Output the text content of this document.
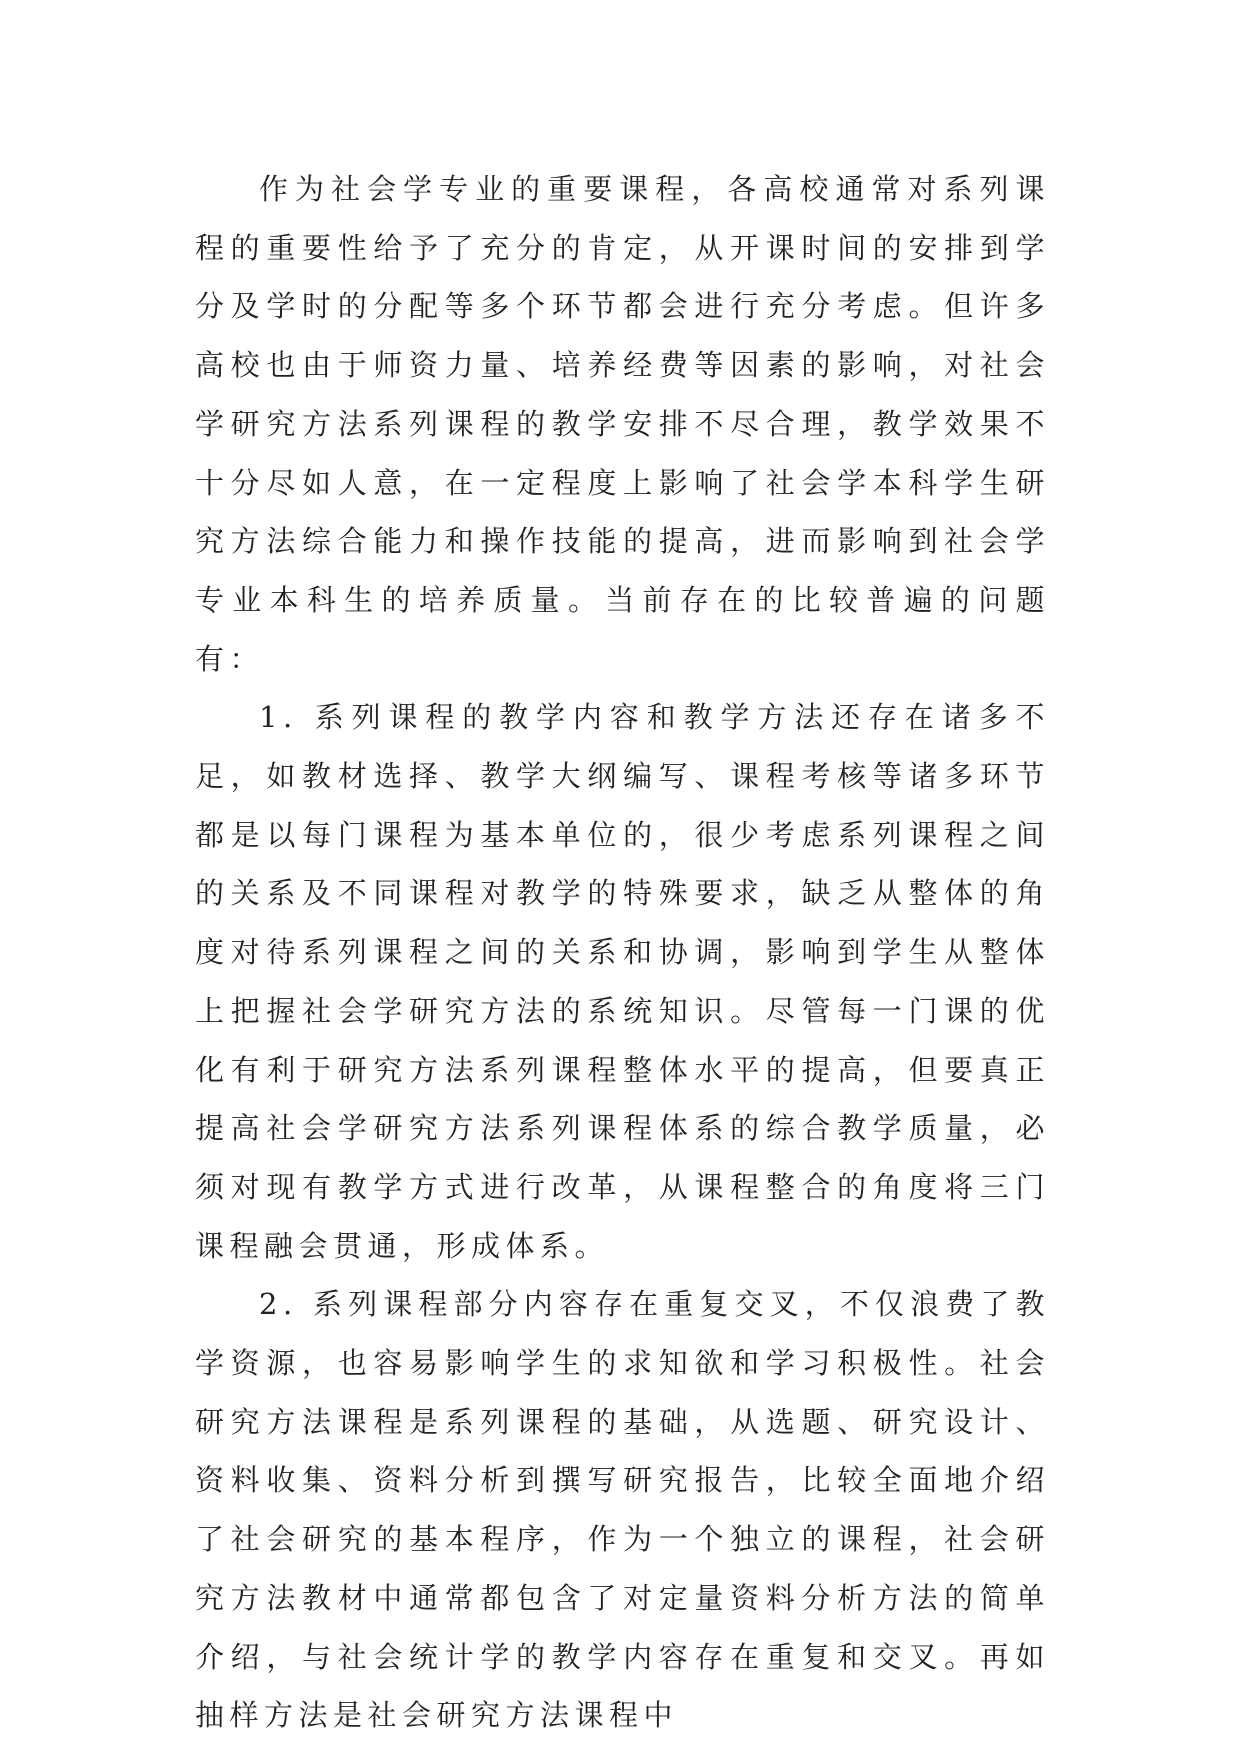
作为社会学专业的重要课程，各高校通常对系列课程的重要性给予了充分的肯定，从开课时间的安排到学分及学时的分配等多个环节都会进行充分考虑。但许多高校也由于师资力量、培养经费等因素的影响，对社会学研究方法系列课程的教学安排不尽合理，教学效果不十分尽如人意，在一定程度上影响了社会学本科学生研究方法综合能力和操作技能的提高，进而影响到社会学专业本科生的培养质量。当前存在的比较普遍的问题有：

1. 系列课程的教学内容和教学方法还存在诸多不足，如教材选择、教学大纲编写、课程考核等诸多环节都是以每门课程为基本单位的，很少考虑系列课程之间的关系及不同课程对教学的特殊要求，缺乏从整体的角度对待系列课程之间的关系和协调，影响到学生从整体上把握社会学研究方法的系统知识。尽管每一门课的优化有利于研究方法系列课程整体水平的提高，但要真正提高社会学研究方法系列课程体系的综合教学质量，必须对现有教学方式进行改革，从课程整合的角度将三门课程融会贯通，形成体系。

2. 系列课程部分内容存在重复交叉，不仅浪费了教学资源，也容易影响学生的求知欲和学习积极性。社会研究方法课程是系列课程的基础，从选题、研究设计、资料收集、资料分析到撰写研究报告，比较全面地介绍了社会研究的基本程序，作为一个独立的课程，社会研究方法教材中通常都包含了对定量资料分析方法的简单介绍，与社会统计学的教学内容存在重复和交叉。再如抽样方法是社会研究方法课程中
